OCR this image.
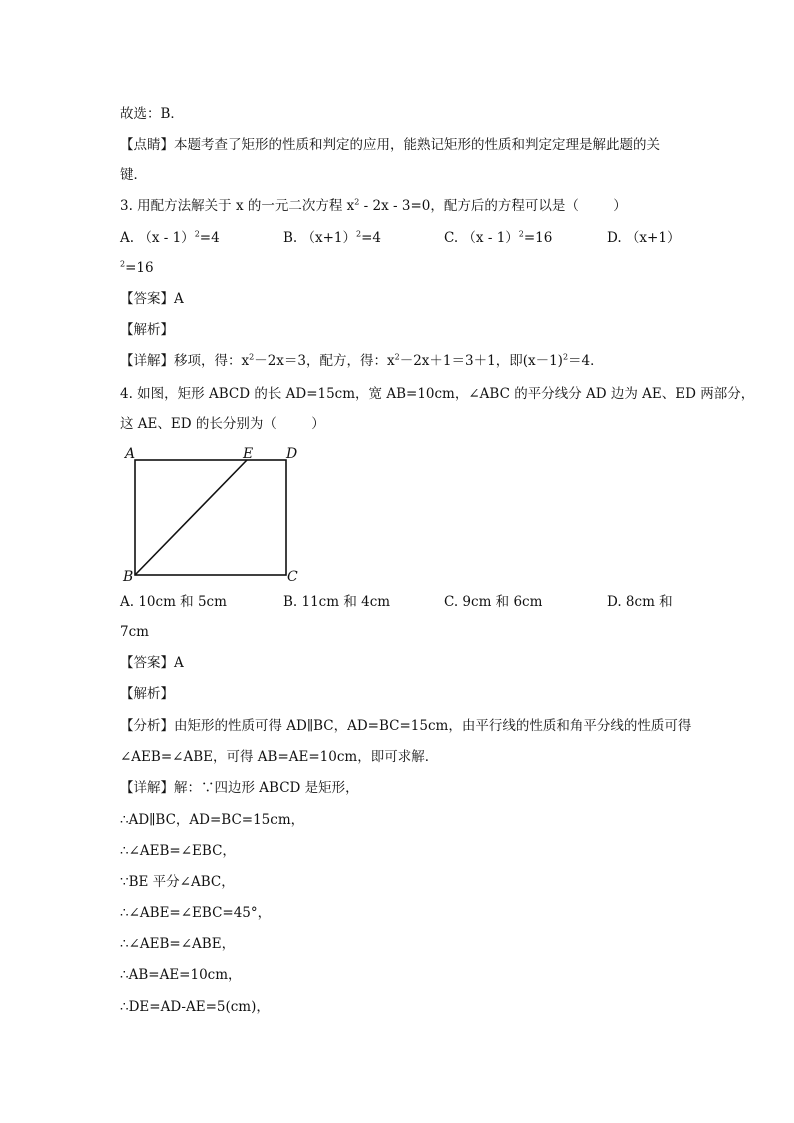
故选：B．
【点睛】本题考查了矩形的性质和判定的应用，能熟记矩形的性质和判定定理是解此题的关
键．
3. 用配方法解关于 x 的一元二次方程 $x^2 - 2x - 3=0$，配方后的方程可以是（	）
A. （x - 1）$^2$=4	B. $(x+1)^2=4$	C. （x - 1）$^2$=16	D. （x+1）
$^2$=16
【答案】A
【解析】
【详解】移项，得：$x^2-2x=3$，配方，得：$x^2-2x+1=3+1$，即$(x-1)^2=4$．
4. 如图，矩形 ABCD 的长 AD=15cm，宽 AB=10cm，∠ABC 的平分线分 AD 边为 AE、ED 两部分，
这 AE、ED 的长分别为（	）
A	E D
B	C
A. 10cm 和 5cm	B. 11cm 和 4cm	C. 9cm 和 6cm	D. 8cm 和
7cm
【答案】A
【解析】
【分析】由矩形的性质可得 AD∥BC，AD=BC=15cm，由平行线的性质和角平分线的性质可得
∠AEB=∠ABE，可得 AB=AE=10cm，即可求解．
【详解】解：∵四边形 ABCD 是矩形，
∴AD∥BC，AD=BC=15cm，
∴∠AEB=∠EBC，
∵BE 平分∠ABC，
∴∠ABE=∠EBC=45°，
∴∠AEB=∠ABE，
∴AB=AE=10cm，
∴DE=AD-AE=5(cm)，
